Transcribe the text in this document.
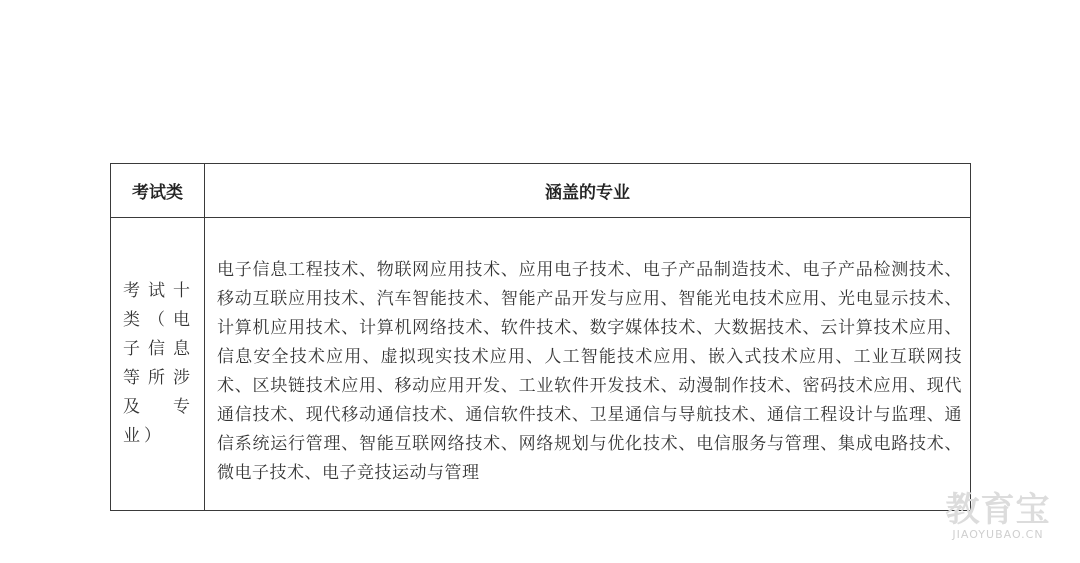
考试类	涵盖的专业

考试十类（电子信息等所涉及专业）	电子信息工程技术、物联网应用技术、应用电子技术、电子产品制造技术、电子产品检测技术、移动互联应用技术、汽车智能技术、智能产品开发与应用、智能光电技术应用、光电显示技术、计算机应用技术、计算机网络技术、软件技术、数字媒体技术、大数据技术、云计算技术应用、信息安全技术应用、虚拟现实技术应用、人工智能技术应用、嵌入式技术应用、工业互联网技术、区块链技术应用、移动应用开发、工业软件开发技术、动漫制作技术、密码技术应用、现代通信技术、现代移动通信技术、通信软件技术、卫星通信与导航技术、通信工程设计与监理、通信系统运行管理、智能互联网络技术、网络规划与优化技术、电信服务与管理、集成电路技术、微电子技术、电子竞技运动与管理
教育宝
JIAOYUBAO.CN
